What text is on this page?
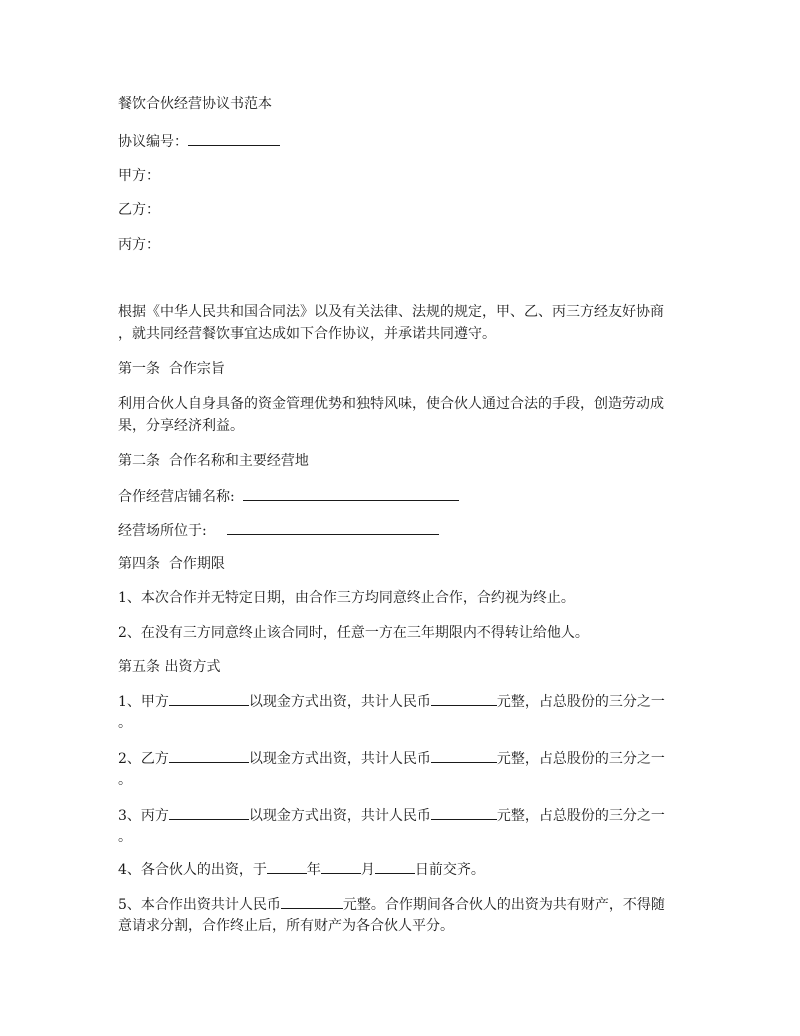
餐饮合伙经营协议书范本
协议编号：
甲方：
乙方：
丙方：
根据《中华人民共和国合同法》以及有关法律、法规的规定，甲、乙、丙三方经友好协商
，就共同经营餐饮事宜达成如下合作协议，并承诺共同遵守。
第一条  合作宗旨
利用合伙人自身具备的资金管理优势和独特风味，使合伙人通过合法的手段，创造劳动成
果，分享经济利益。
第二条  合作名称和主要经营地
合作经营店铺名称:
经营场所位于:
第四条  合作期限
1、本次合作并无特定日期，由合作三方均同意终止合作，合约视为终止。
2、在没有三方同意终止该合同时，任意一方在三年期限内不得转让给他人。
第五条 出资方式
1、甲方	以现金方式出资，共计人民币	元整，占总股份的三分之一
。
2、乙方	以现金方式出资，共计人民币	元整，占总股份的三分之一
。
3、丙方	以现金方式出资，共计人民币	元整，占总股份的三分之一
。
4、各合伙人的出资，于	年	月	日前交齐。
5、本合作出资共计人民币	元整。合作期间各合伙人的出资为共有财产，不得随
意请求分割，合作终止后，所有财产为各合伙人平分。
